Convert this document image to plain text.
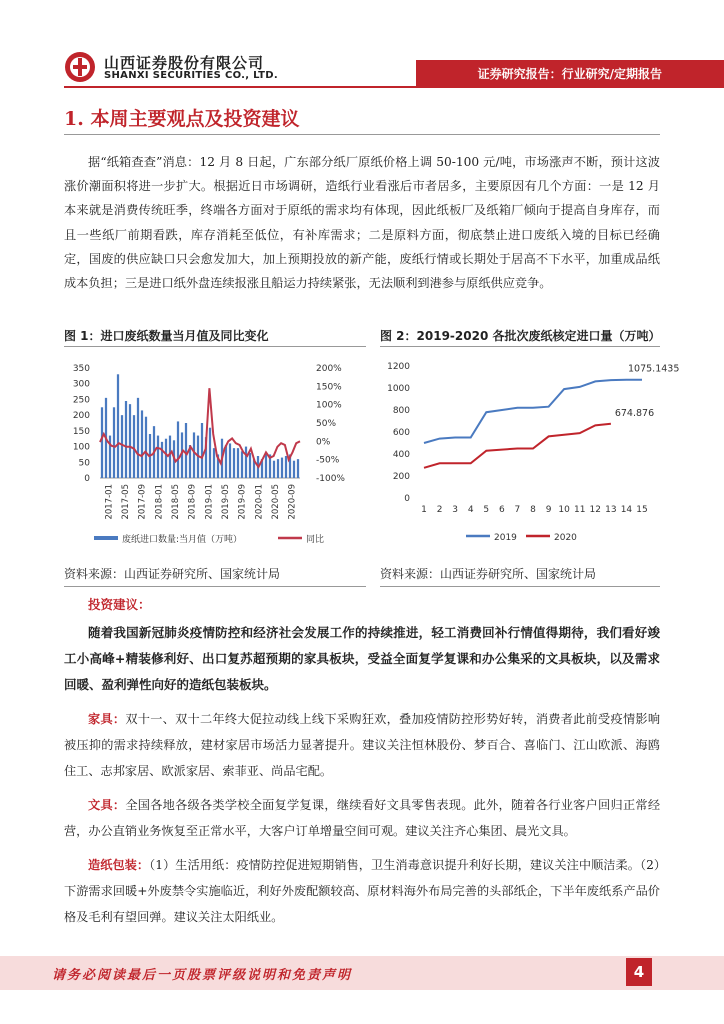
山西证券股份有限公司
SHANXI SECURITIES CO., LTD.	证券研究报告：行业研究/定期报告
1. 本周主要观点及投资建议
据“纸箱查查”消息：12 月 8 日起，广东部分纸厂原纸价格上调 50-100 元/吨，市场涨声不断，预计这波涨价潮面积将进一步扩大。根据近日市场调研，造纸行业看涨后市者居多，主要原因有几个方面：一是 12 月本来就是消费传统旺季，终端各方面对于原纸的需求均有体现，因此纸板厂及纸箱厂倾向于提高自身库存，而且一些纸厂前期看跌，库存消耗至低位，有补库需求；二是原料方面，彻底禁止进口废纸入境的目标已经确定，国废的供应缺口只会愈发加大，加上预期投放的新产能，废纸行情或长期处于居高不下水平，加重成品纸成本负担；三是进口纸外盘连续报涨且船运力持续紧张，无法顺利到港参与原纸供应竞争。
图 1：进口废纸数量当月值及同比变化	图 2：2019-2020 各批次废纸核定进口量（万吨）
350
300
250
200
150
100
50
0
200%
150%
100%
50%
0%
-50%
-100%
2017-01 2017-05 2017-09 2018-01 2018-05 2018-09 2019-01 2019-05 2019-09 2020-01 2020-05 2020-09
废纸进口数量:当月值（万吨）	同比
0
200
400
600
800
1000
1200
1 2 3 4 5 6 7 8 9 10 11 12 13 14 15
1075.1435
674.876
2019	2020
资料来源：山西证券研究所、国家统计局	资料来源：山西证券研究所、国家统计局
投资建议：
随着我国新冠肺炎疫情防控和经济社会发展工作的持续推进，轻工消费回补行情值得期待，我们看好竣工小高峰+精装修利好、出口复苏超预期的家具板块，受益全面复学复课和办公集采的文具板块，以及需求回暖、盈利弹性向好的造纸包装板块。
家具：双十一、双十二年终大促拉动线上线下采购狂欢，叠加疫情防控形势好转，消费者此前受疫情影响被压抑的需求持续释放，建材家居市场活力显著提升。建议关注恒林股份、梦百合、喜临门、江山欧派、海鸥住工、志邦家居、欧派家居、索菲亚、尚品宅配。
文具：全国各地各级各类学校全面复学复课，继续看好文具零售表现。此外，随着各行业客户回归正常经营，办公直销业务恢复至正常水平，大客户订单增量空间可观。建议关注齐心集团、晨光文具。
造纸包装：（1）生活用纸：疫情防控促进短期销售，卫生消毒意识提升利好长期，建议关注中顺洁柔。（2）下游需求回暖+外废禁令实施临近，利好外废配额较高、原材料海外布局完善的头部纸企，下半年废纸系产品价格及毛利有望回弹。建议关注太阳纸业。
请务必阅读最后一页股票评级说明和免责声明	4
